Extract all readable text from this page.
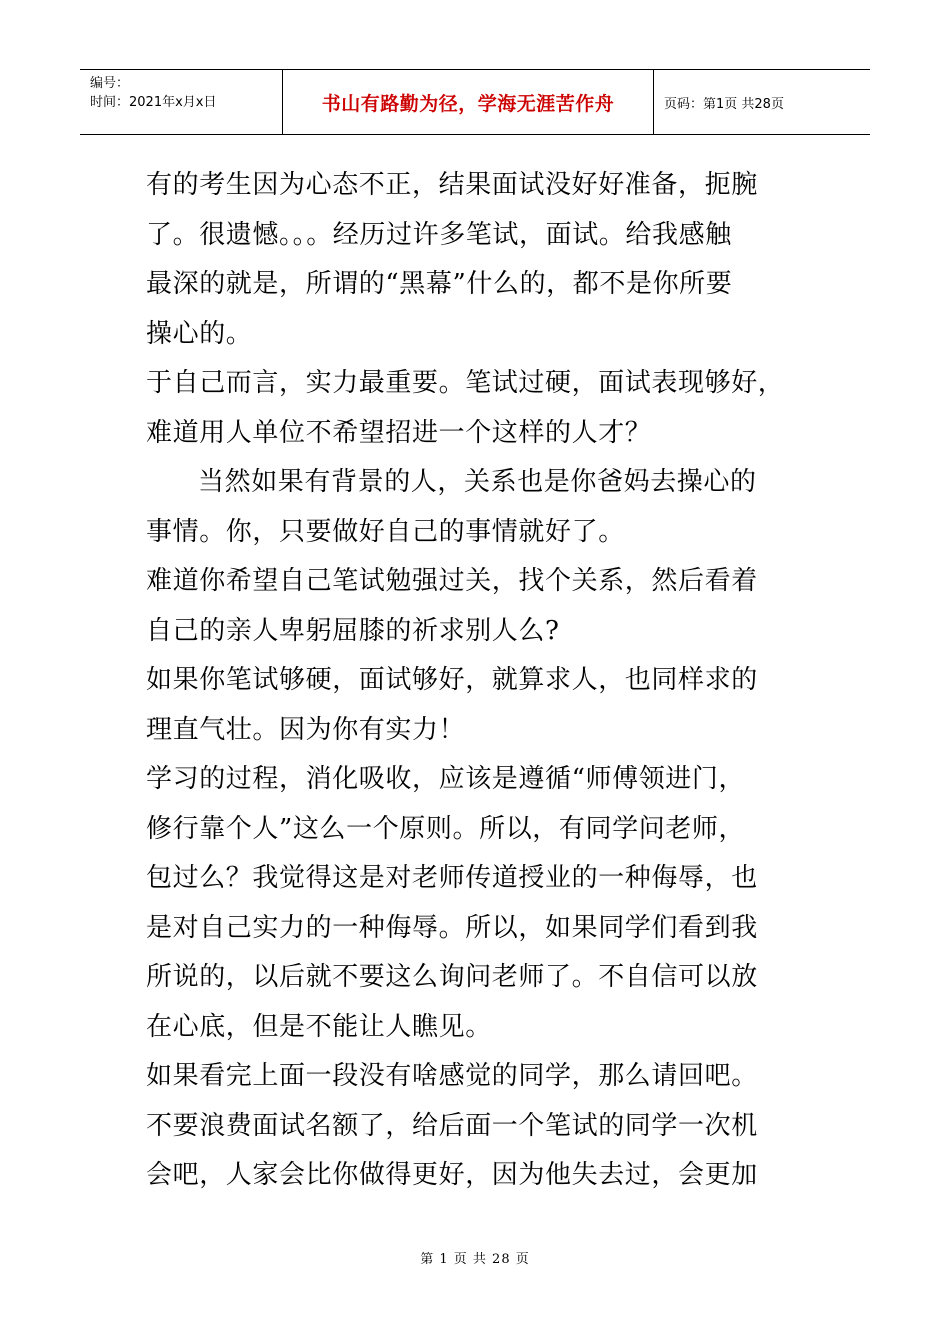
编号：
时间：2021年x月x日	书山有路勤为径，学海无涯苦作舟	页码：第1页 共28页

有的考生因为心态不正，结果面试没好好准备，扼腕

了。很遗憾。。。经历过许多笔试，面试。给我感触

最深的就是，所谓的“黑幕”什么的，都不是你所要

操心的。

于自己而言，实力最重要。笔试过硬，面试表现够好，

难道用人单位不希望招进一个这样的人才？

当然如果有背景的人，关系也是你爸妈去操心的

事情。你，只要做好自己的事情就好了。

难道你希望自己笔试勉强过关，找个关系，然后看着

自己的亲人卑躬屈膝的祈求别人么?

如果你笔试够硬，面试够好，就算求人，也同样求的

理直气壮。因为你有实力！

学习的过程，消化吸收，应该是遵循“师傅领进门，

修行靠个人”这么一个原则。所以，有同学问老师，

包过么？我觉得这是对老师传道授业的一种侮辱，也

是对自己实力的一种侮辱。所以，如果同学们看到我

所说的，以后就不要这么询问老师了。不自信可以放

在心底，但是不能让人瞧见。

如果看完上面一段没有啥感觉的同学，那么请回吧。

不要浪费面试名额了，给后面一个笔试的同学一次机

会吧，人家会比你做得更好，因为他失去过，会更加

第 1 页 共 28 页
